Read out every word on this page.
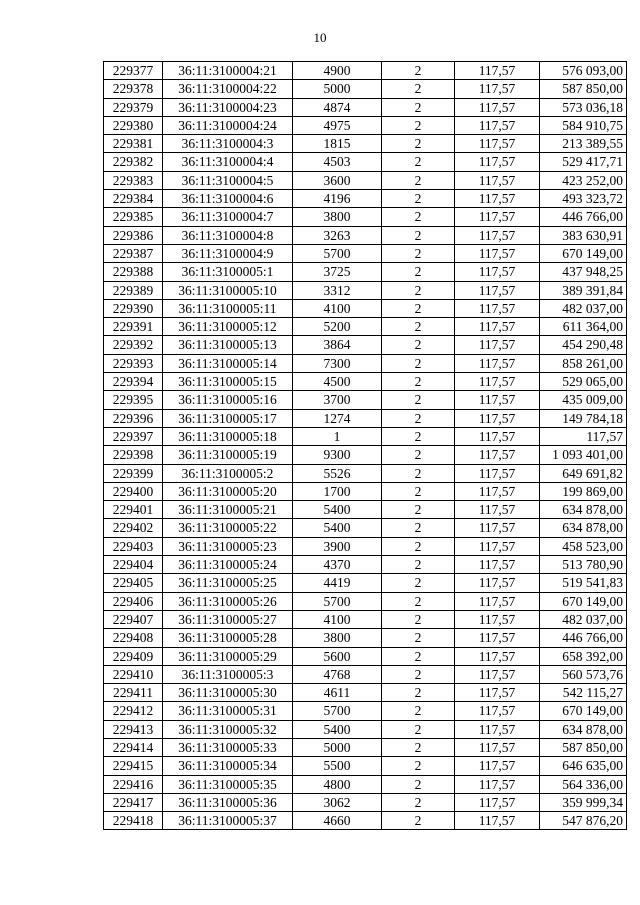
10
229377	36:11:3100004:21	4900	2	117,57	576 093,00
229378	36:11:3100004:22	5000	2	117,57	587 850,00
229379	36:11:3100004:23	4874	2	117,57	573 036,18
229380	36:11:3100004:24	4975	2	117,57	584 910,75
229381	36:11:3100004:3	1815	2	117,57	213 389,55
229382	36:11:3100004:4	4503	2	117,57	529 417,71
229383	36:11:3100004:5	3600	2	117,57	423 252,00
229384	36:11:3100004:6	4196	2	117,57	493 323,72
229385	36:11:3100004:7	3800	2	117,57	446 766,00
229386	36:11:3100004:8	3263	2	117,57	383 630,91
229387	36:11:3100004:9	5700	2	117,57	670 149,00
229388	36:11:3100005:1	3725	2	117,57	437 948,25
229389	36:11:3100005:10	3312	2	117,57	389 391,84
229390	36:11:3100005:11	4100	2	117,57	482 037,00
229391	36:11:3100005:12	5200	2	117,57	611 364,00
229392	36:11:3100005:13	3864	2	117,57	454 290,48
229393	36:11:3100005:14	7300	2	117,57	858 261,00
229394	36:11:3100005:15	4500	2	117,57	529 065,00
229395	36:11:3100005:16	3700	2	117,57	435 009,00
229396	36:11:3100005:17	1274	2	117,57	149 784,18
229397	36:11:3100005:18	1	2	117,57	117,57
229398	36:11:3100005:19	9300	2	117,57	1 093 401,00
229399	36:11:3100005:2	5526	2	117,57	649 691,82
229400	36:11:3100005:20	1700	2	117,57	199 869,00
229401	36:11:3100005:21	5400	2	117,57	634 878,00
229402	36:11:3100005:22	5400	2	117,57	634 878,00
229403	36:11:3100005:23	3900	2	117,57	458 523,00
229404	36:11:3100005:24	4370	2	117,57	513 780,90
229405	36:11:3100005:25	4419	2	117,57	519 541,83
229406	36:11:3100005:26	5700	2	117,57	670 149,00
229407	36:11:3100005:27	4100	2	117,57	482 037,00
229408	36:11:3100005:28	3800	2	117,57	446 766,00
229409	36:11:3100005:29	5600	2	117,57	658 392,00
229410	36:11:3100005:3	4768	2	117,57	560 573,76
229411	36:11:3100005:30	4611	2	117,57	542 115,27
229412	36:11:3100005:31	5700	2	117,57	670 149,00
229413	36:11:3100005:32	5400	2	117,57	634 878,00
229414	36:11:3100005:33	5000	2	117,57	587 850,00
229415	36:11:3100005:34	5500	2	117,57	646 635,00
229416	36:11:3100005:35	4800	2	117,57	564 336,00
229417	36:11:3100005:36	3062	2	117,57	359 999,34
229418	36:11:3100005:37	4660	2	117,57	547 876,20
